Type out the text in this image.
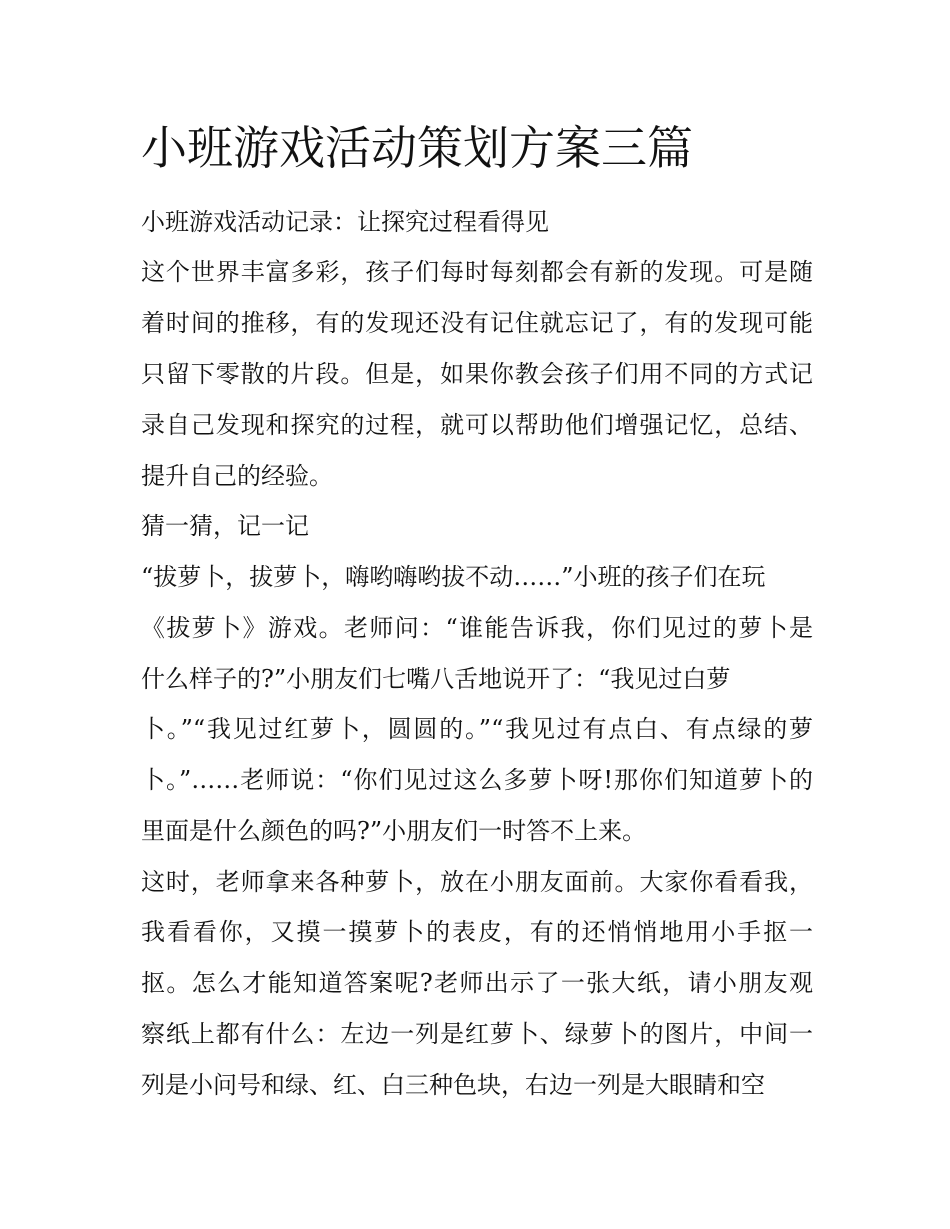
小班游戏活动策划方案三篇

小班游戏活动记录：让探究过程看得见

这个世界丰富多彩，孩子们每时每刻都会有新的发现。可是随

着时间的推移，有的发现还没有记住就忘记了，有的发现可能

只留下零散的片段。但是，如果你教会孩子们用不同的方式记

录自己发现和探究的过程，就可以帮助他们增强记忆，总结、

提升自己的经验。

猜一猜，记一记

“拔萝卜，拔萝卜，嗨哟嗨哟拔不动……”小班的孩子们在玩

《拔萝卜》游戏。老师问：“谁能告诉我，你们见过的萝卜是

什么样子的?”小朋友们七嘴八舌地说开了：“我见过白萝

卜。”“我见过红萝卜，圆圆的。”“我见过有点白、有点绿的萝

卜。”……老师说：“你们见过这么多萝卜呀!那你们知道萝卜的

里面是什么颜色的吗?”小朋友们一时答不上来。

这时，老师拿来各种萝卜，放在小朋友面前。大家你看看我，

我看看你，又摸一摸萝卜的表皮，有的还悄悄地用小手抠一

抠。怎么才能知道答案呢?老师出示了一张大纸，请小朋友观

察纸上都有什么：左边一列是红萝卜、绿萝卜的图片，中间一

列是小问号和绿、红、白三种色块，右边一列是大眼睛和空
